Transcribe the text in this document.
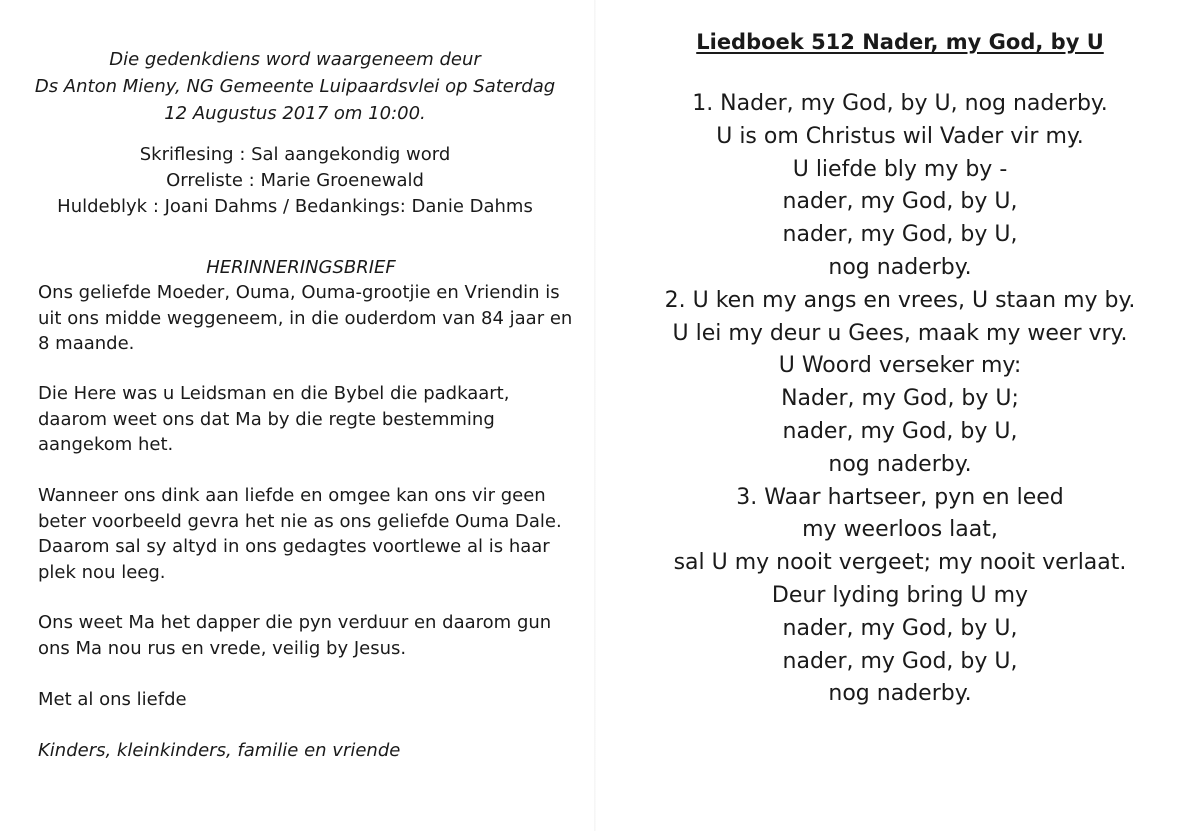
Die gedenkdiens word waargeneem deur
Ds Anton Mieny, NG Gemeente Luipaardsvlei op Saterdag
12 Augustus 2017 om 10:00.
Skriflesing : Sal aangekondig word
Orreliste : Marie Groenewald
Huldeblyk : Joani Dahms / Bedankings: Danie Dahms
HERINNERINGSBRIEF
Ons geliefde Moeder, Ouma, Ouma-grootjie en Vriendin is
uit ons midde weggeneem, in die ouderdom van 84 jaar en
8 maande.
Die Here was u Leidsman en die Bybel die padkaart,
daarom weet ons dat Ma by die regte bestemming
aangekom het.
Wanneer ons dink aan liefde en omgee kan ons vir geen
beter voorbeeld gevra het nie as ons geliefde Ouma Dale.
Daarom sal sy altyd in ons gedagtes voortlewe al is haar
plek nou leeg.
Ons weet Ma het dapper die pyn verduur en daarom gun
ons Ma nou rus en vrede, veilig by Jesus.
Met al ons liefde
Kinders, kleinkinders, familie en vriende
Liedboek 512 Nader, my God, by U
1. Nader, my God, by U, nog naderby.
U is om Christus wil Vader vir my.
U liefde bly my by -
nader, my God, by U,
nader, my God, by U,
nog naderby.
2. U ken my angs en vrees, U staan my by.
U lei my deur u Gees, maak my weer vry.
U Woord verseker my:
Nader, my God, by U;
nader, my God, by U,
nog naderby.
3. Waar hartseer, pyn en leed
my weerloos laat,
sal U my nooit vergeet; my nooit verlaat.
Deur lyding bring U my
nader, my God, by U,
nader, my God, by U,
nog naderby.
